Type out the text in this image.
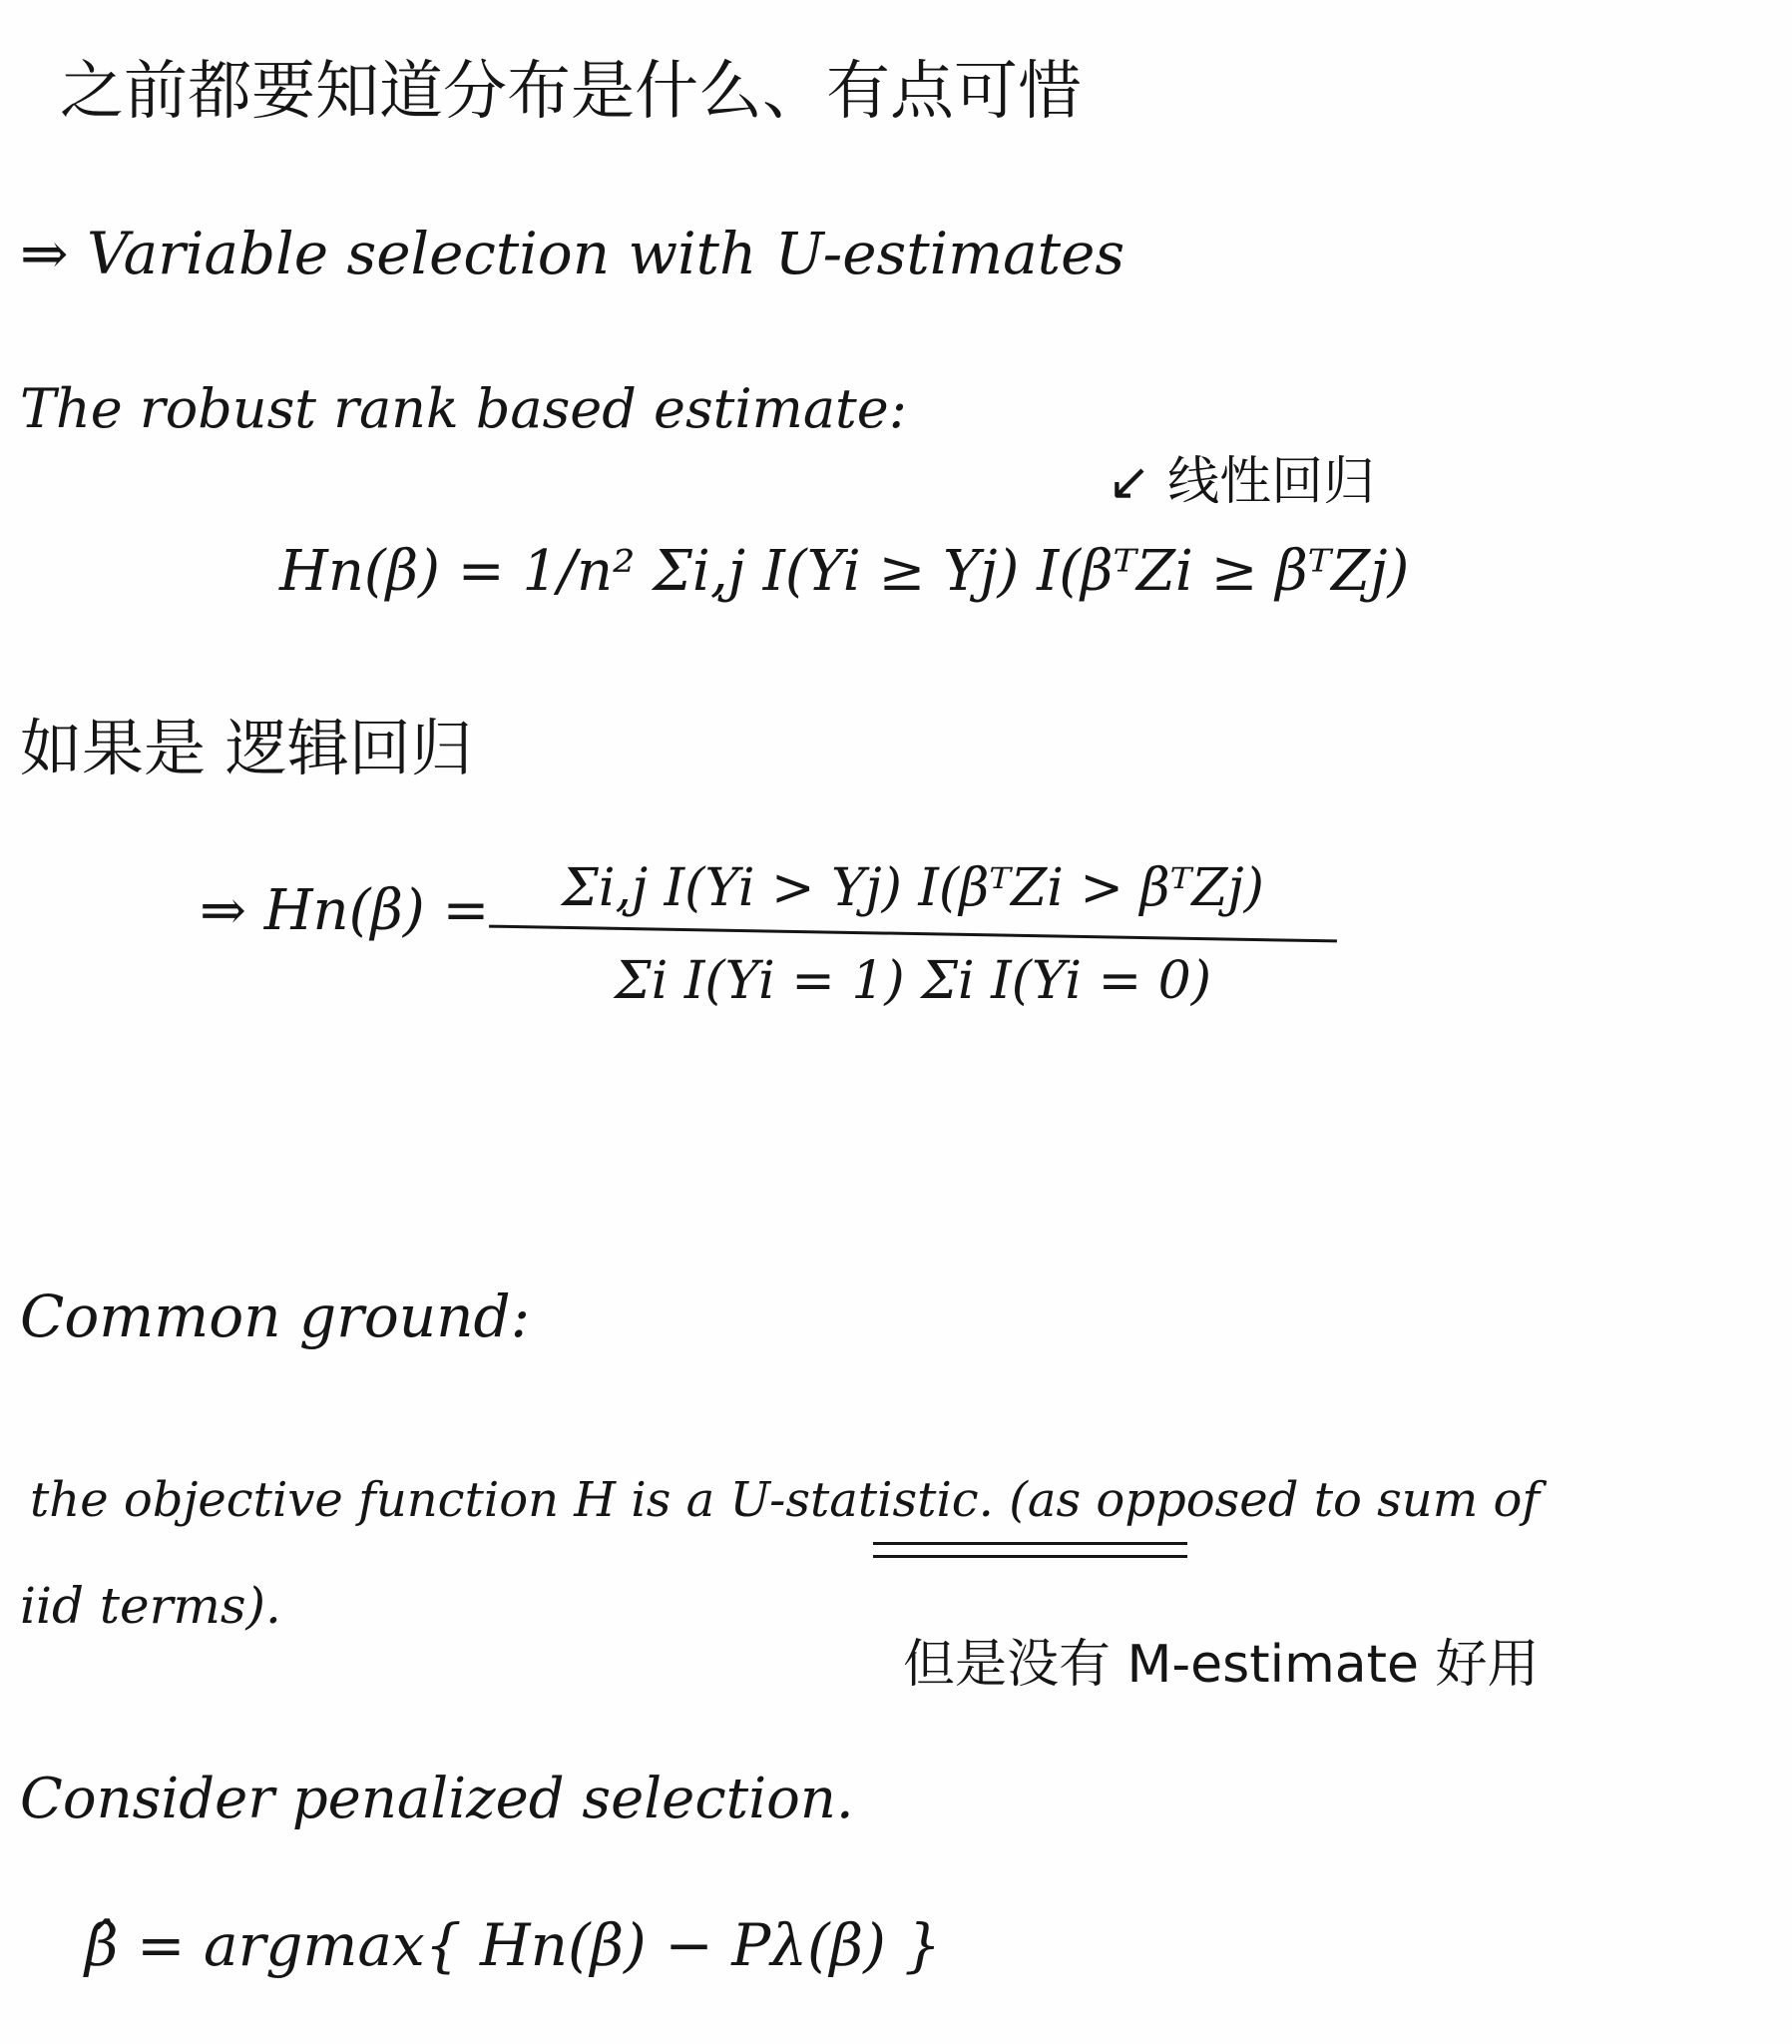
之前都要知道分布是什么、有点可惜
⇒ Variable selection with U-estimates
The robust rank based estimate:
↙ 线性回归
Hn(β) = 1/n² Σi,j I(Yi ≥ Yj) I(βᵀZi ≥ βᵀZj)
如果是 逻辑回归
⇒ Hn(β) =	Σi,j I(Yi > Yj) I(βᵀZi > βᵀZj)
Σi I(Yi = 1) Σi I(Yi = 0)
Common ground:
the objective function H is a U-statistic. (as opposed to sum of
iid terms).
但是没有 M-estimate 好用
Consider penalized selection.
β̂ = argmax{ Hn(β) − Pλ(β) }
